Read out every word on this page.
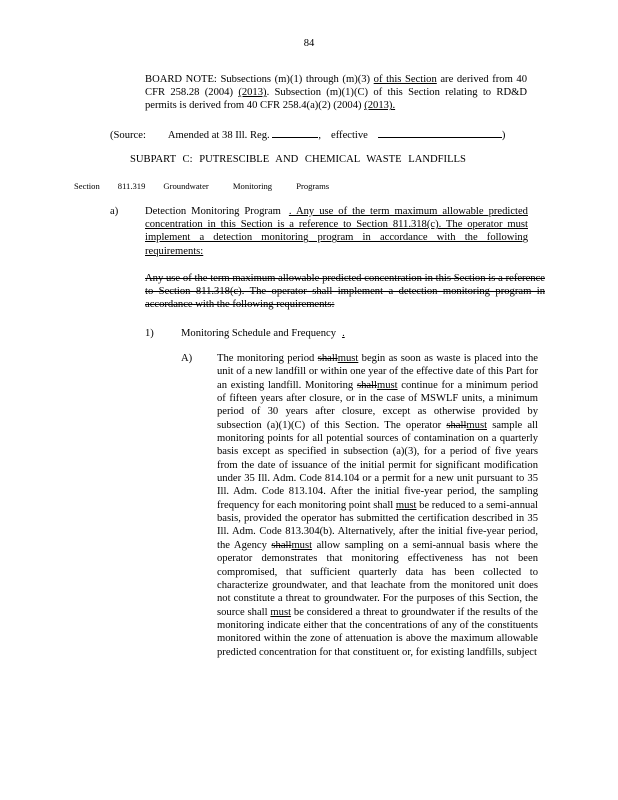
84
BOARD NOTE: Subsections (m)(1) through (m)(3) of this Section are derived from 40 CFR 258.28 (2004) (2013). Subsection (m)(1)(C) of this Section relating to RD&D permits is derived from 40 CFR 258.4(a)(2) (2004) (2013).
(Source: Amended at 38 Ill. Reg.	, effective	)
SUBPART C: PUTRESCIBLE AND CHEMICAL WASTE LANDFILLS
Section 811.319 Groundwater Monitoring Programs
a)	Detection Monitoring Program . Any use of the term maximum allowable predicted concentration in this Section is a reference to Section 811.318(c). The operator must implement a detection monitoring program in accordance with the following requirements:
Any use of the term maximum allowable predicted concentration in this Section is a reference to Section 811.318(c). The operator shall implement a detection monitoring program in accordance with the following requirements:
1)	Monitoring Schedule and Frequency .
A) The monitoring period shallmust begin as soon as waste is placed into the unit of a new landfill or within one year of the effective date of this Part for an existing landfill. Monitoring shallmust continue for a minimum period of fifteen years after closure, or in the case of MSWLF units, a minimum period of 30 years after closure, except as otherwise provided by subsection (a)(1)(C) of this Section. The operator shallmust sample all monitoring points for all potential sources of contamination on a quarterly basis except as specified in subsection (a)(3), for a period of five years from the date of issuance of the initial permit for significant modification under 35 Ill. Adm. Code 814.104 or a permit for a new unit pursuant to 35 Ill. Adm. Code 813.104. After the initial five-year period, the sampling frequency for each monitoring point shall must be reduced to a semi-annual basis, provided the operator has submitted the certification described in 35 Ill. Adm. Code 813.304(b). Alternatively, after the initial five-year period, the Agency shallmust allow sampling on a semi-annual basis where the operator demonstrates that monitoring effectiveness has not been compromised, that sufficient quarterly data has been collected to characterize groundwater, and that leachate from the monitored unit does not constitute a threat to groundwater. For the purposes of this Section, the source shall must be considered a threat to groundwater if the results of the monitoring indicate either that the concentrations of any of the constituents monitored within the zone of attenuation is above the maximum allowable predicted concentration for that constituent or, for existing landfills, subject
